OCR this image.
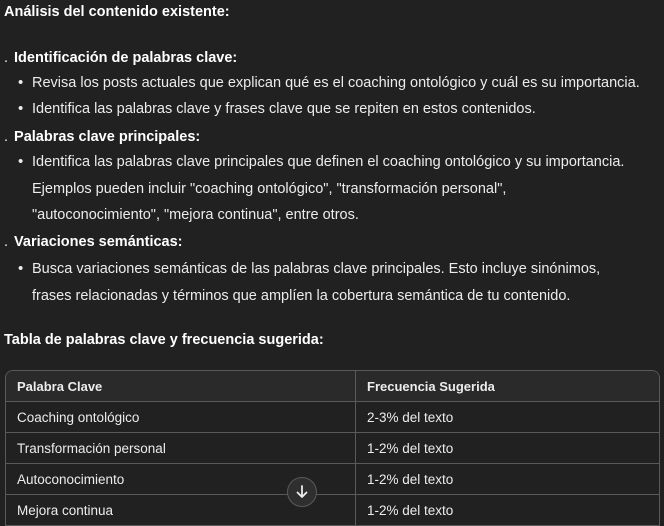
Análisis del contenido existente:
. Identificación de palabras clave:
• Revisa los posts actuales que explican qué es el coaching ontológico y cuál es su importancia.
• Identifica las palabras clave y frases clave que se repiten en estos contenidos.
. Palabras clave principales:
• Identifica las palabras clave principales que definen el coaching ontológico y su importancia.
Ejemplos pueden incluir "coaching ontológico", "transformación personal",
"autoconocimiento", "mejora continua", entre otros.
. Variaciones semánticas:
• Busca variaciones semánticas de las palabras clave principales. Esto incluye sinónimos,
frases relacionadas y términos que amplíen la cobertura semántica de tu contenido.
Tabla de palabras clave y frecuencia sugerida:
Palabra Clave	Frecuencia Sugerida
Coaching ontológico	2-3% del texto
Transformación personal	1-2% del texto
Autoconocimiento	1-2% del texto
Mejora continua	1-2% del texto
